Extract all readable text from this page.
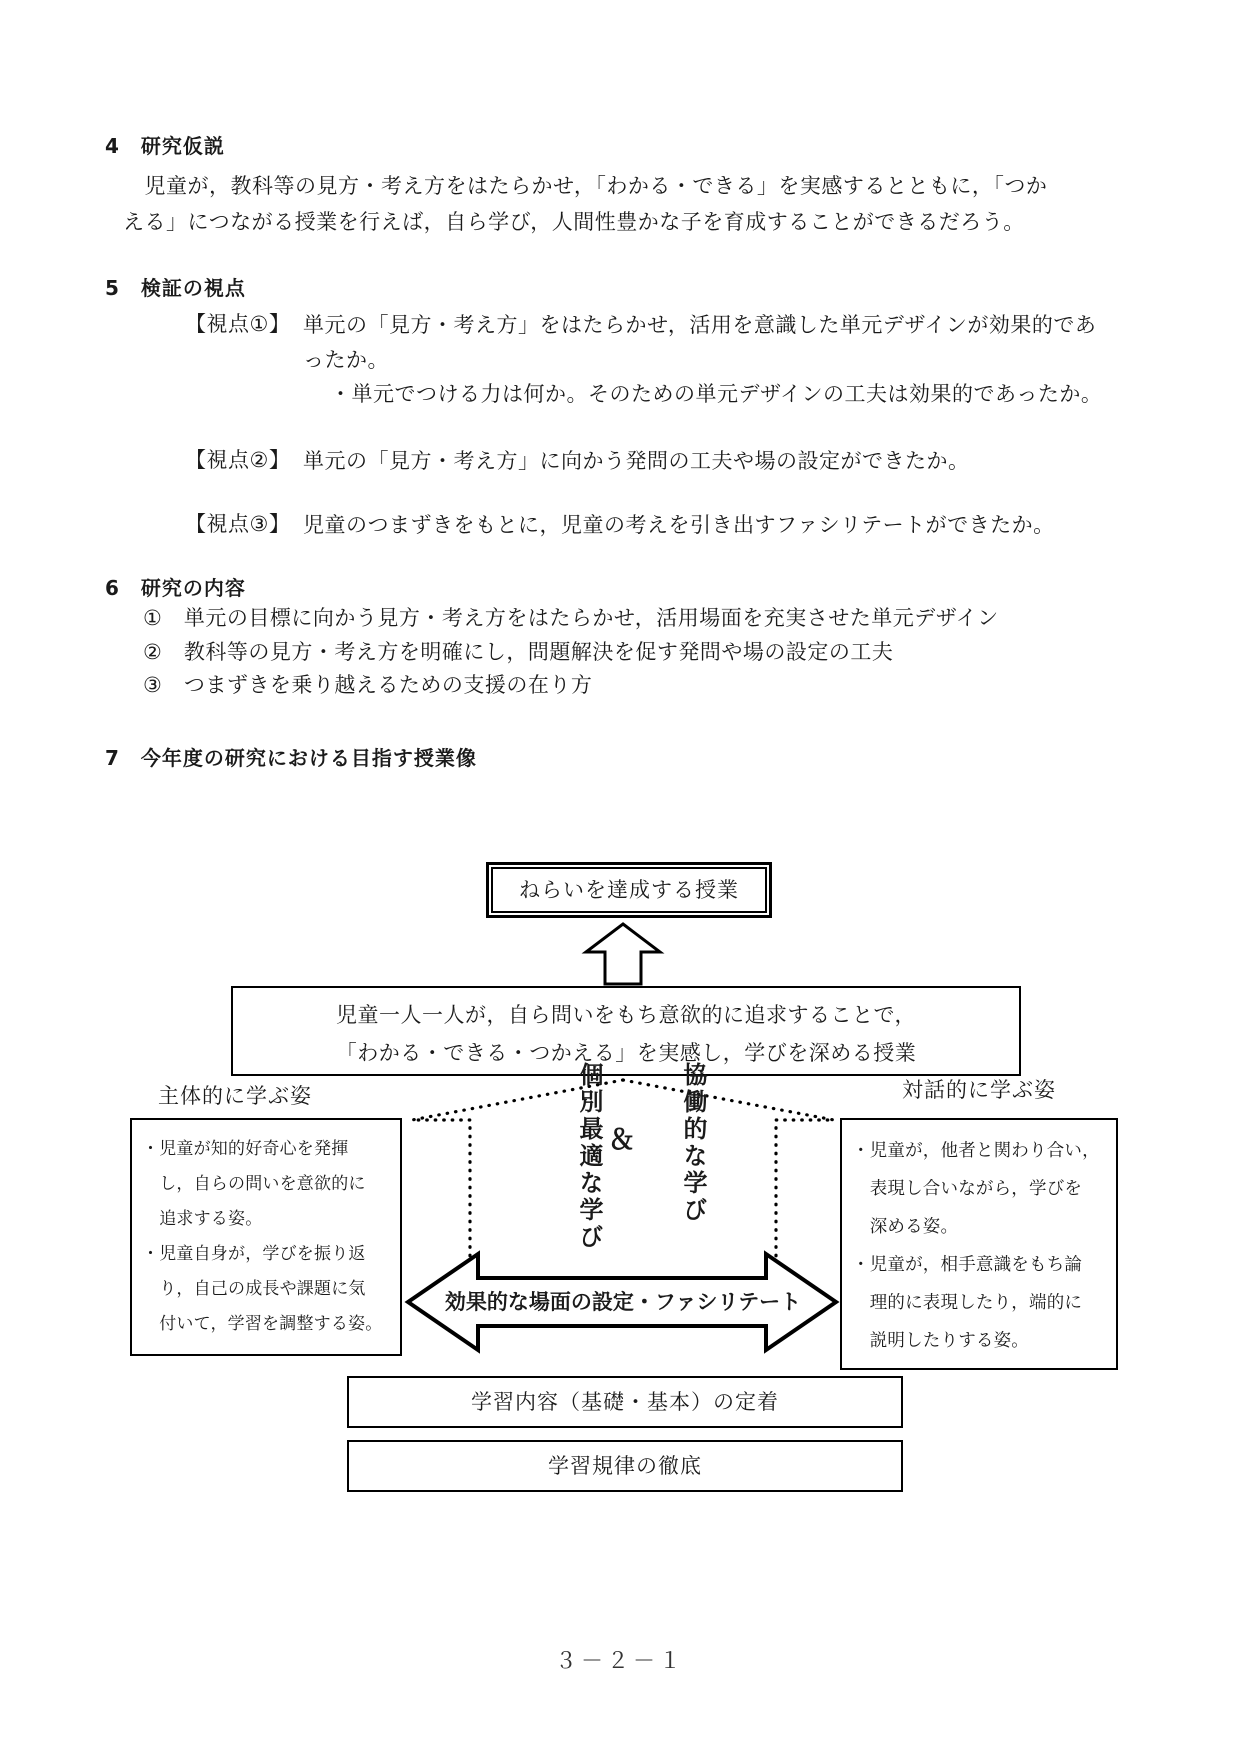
4　研究仮説
　児童が，教科等の見方・考え方をはたらかせ，「わかる・できる」を実感するとともに，「つか
える」につながる授業を行えば，自ら学び，人間性豊かな子を育成することができるだろう。
5　検証の視点
【視点①】 単元の「見方・考え方」をはたらかせ，活用を意識した単元デザインが効果的であ
ったか。
・単元でつける力は何か。そのための単元デザインの工夫は効果的であったか。
【視点②】 単元の「見方・考え方」に向かう発問の工夫や場の設定ができたか。
【視点③】 児童のつまずきをもとに，児童の考えを引き出すファシリテートができたか。
6　研究の内容
①　単元の目標に向かう見方・考え方をはたらかせ，活用場面を充実させた単元デザイン
②　教科等の見方・考え方を明確にし，問題解決を促す発問や場の設定の工夫
③　つまずきを乗り越えるための支援の在り方
7　今年度の研究における目指す授業像
ねらいを達成する授業
児童一人一人が，自ら問いをもち意欲的に追求することで，
「わかる・できる・つかえる」を実感し，学びを深める授業
主体的に学ぶ姿	対話的に学ぶ姿
個別最適な学び ＆ 協働的な学び
・児童が知的好奇心を発揮
　し，自らの問いを意欲的に
　追求する姿。
・児童自身が，学びを振り返
　り，自己の成長や課題に気
　付いて，学習を調整する姿。
・児童が，他者と関わり合い，
　表現し合いながら，学びを
　深める姿。
・児童が，相手意識をもち論
　理的に表現したり，端的に
　説明したりする姿。
効果的な場面の設定・ファシリテート
学習内容（基礎・基本）の定着
学習規律の徹底
３－２－１
